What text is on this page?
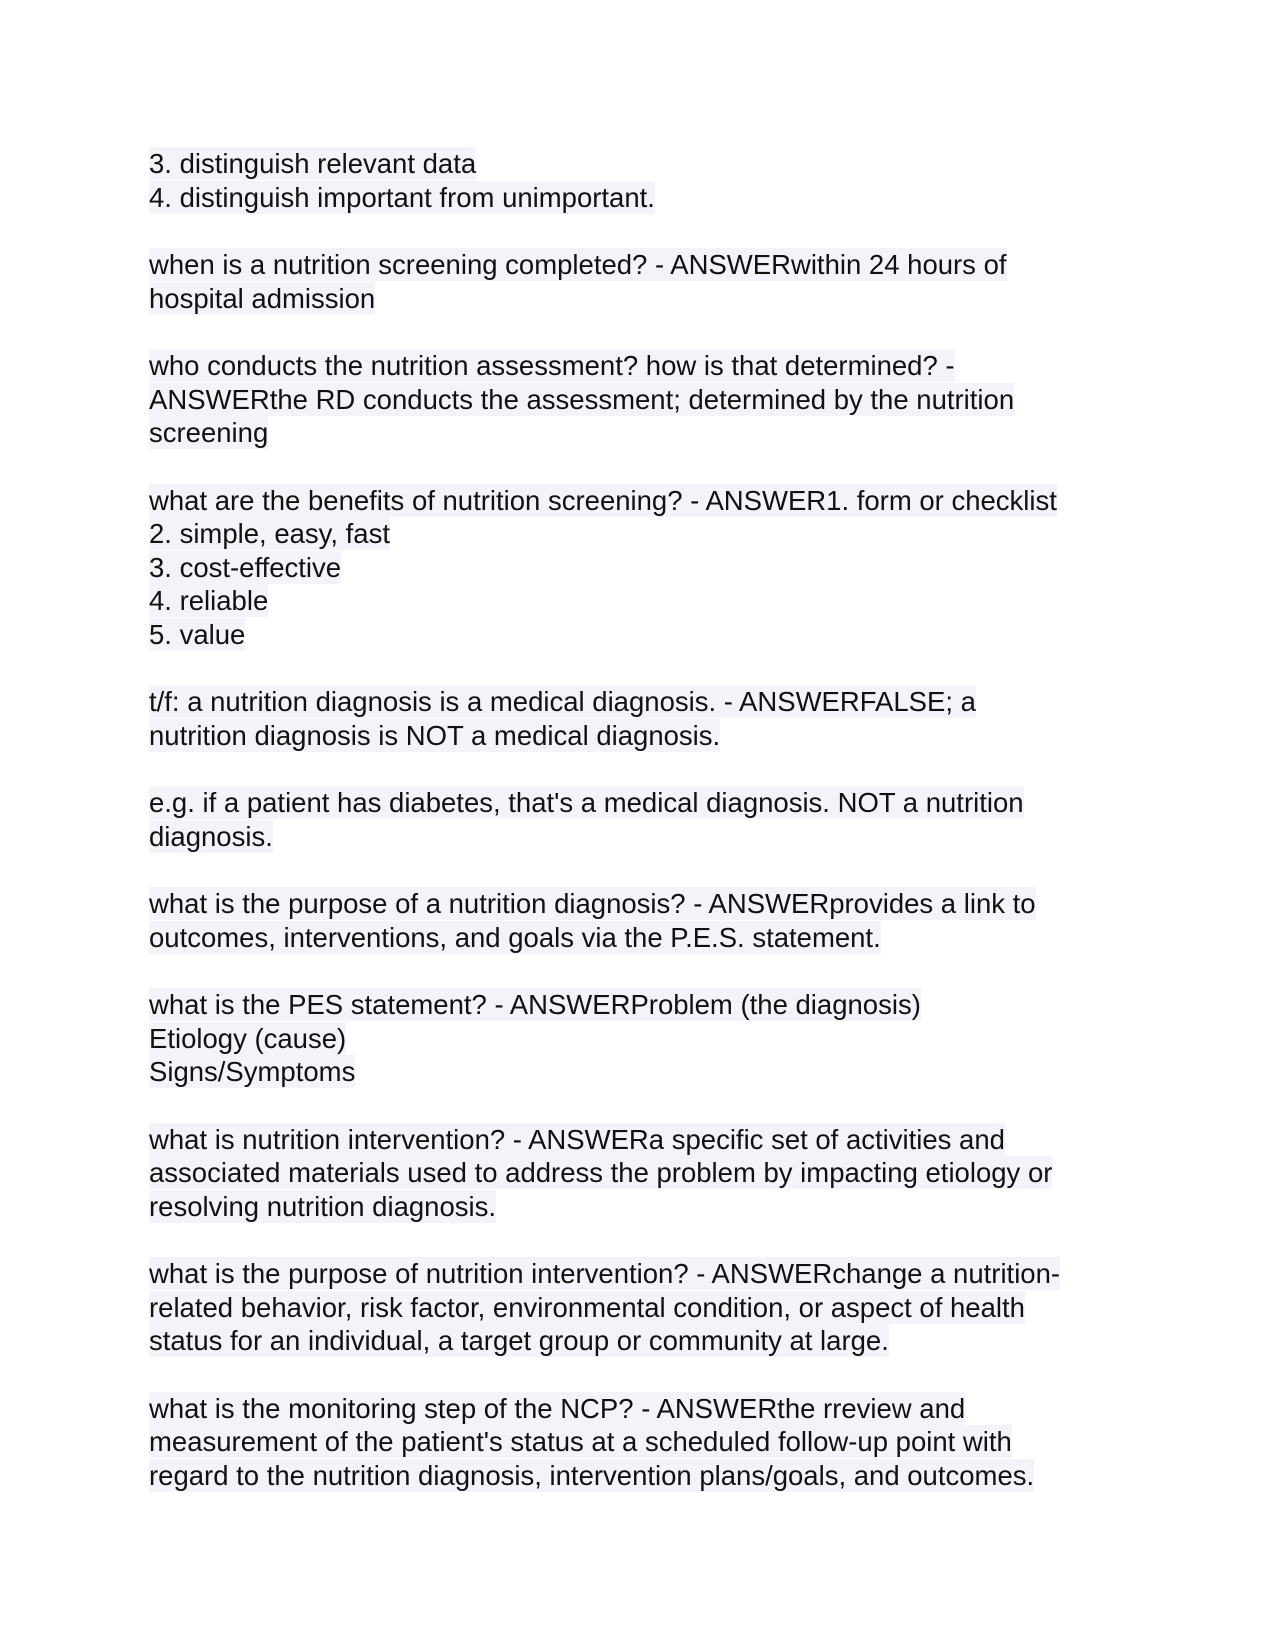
3. distinguish relevant data
4. distinguish important from unimportant.
when is a nutrition screening completed? - ANSWERwithin 24 hours of
hospital admission
who conducts the nutrition assessment? how is that determined? -
ANSWERthe RD conducts the assessment; determined by the nutrition
screening
what are the benefits of nutrition screening? - ANSWER1. form or checklist
2. simple, easy, fast
3. cost-effective
4. reliable
5. value
t/f: a nutrition diagnosis is a medical diagnosis. - ANSWERFALSE; a
nutrition diagnosis is NOT a medical diagnosis.
e.g. if a patient has diabetes, that's a medical diagnosis. NOT a nutrition
diagnosis.
what is the purpose of a nutrition diagnosis? - ANSWERprovides a link to
outcomes, interventions, and goals via the P.E.S. statement.
what is the PES statement? - ANSWERProblem (the diagnosis)
Etiology (cause)
Signs/Symptoms
what is nutrition intervention? - ANSWERa specific set of activities and
associated materials used to address the problem by impacting etiology or
resolving nutrition diagnosis.
what is the purpose of nutrition intervention? - ANSWERchange a nutrition-
related behavior, risk factor, environmental condition, or aspect of health
status for an individual, a target group or community at large.
what is the monitoring step of the NCP? - ANSWERthe rreview and
measurement of the patient's status at a scheduled follow-up point with
regard to the nutrition diagnosis, intervention plans/goals, and outcomes.
